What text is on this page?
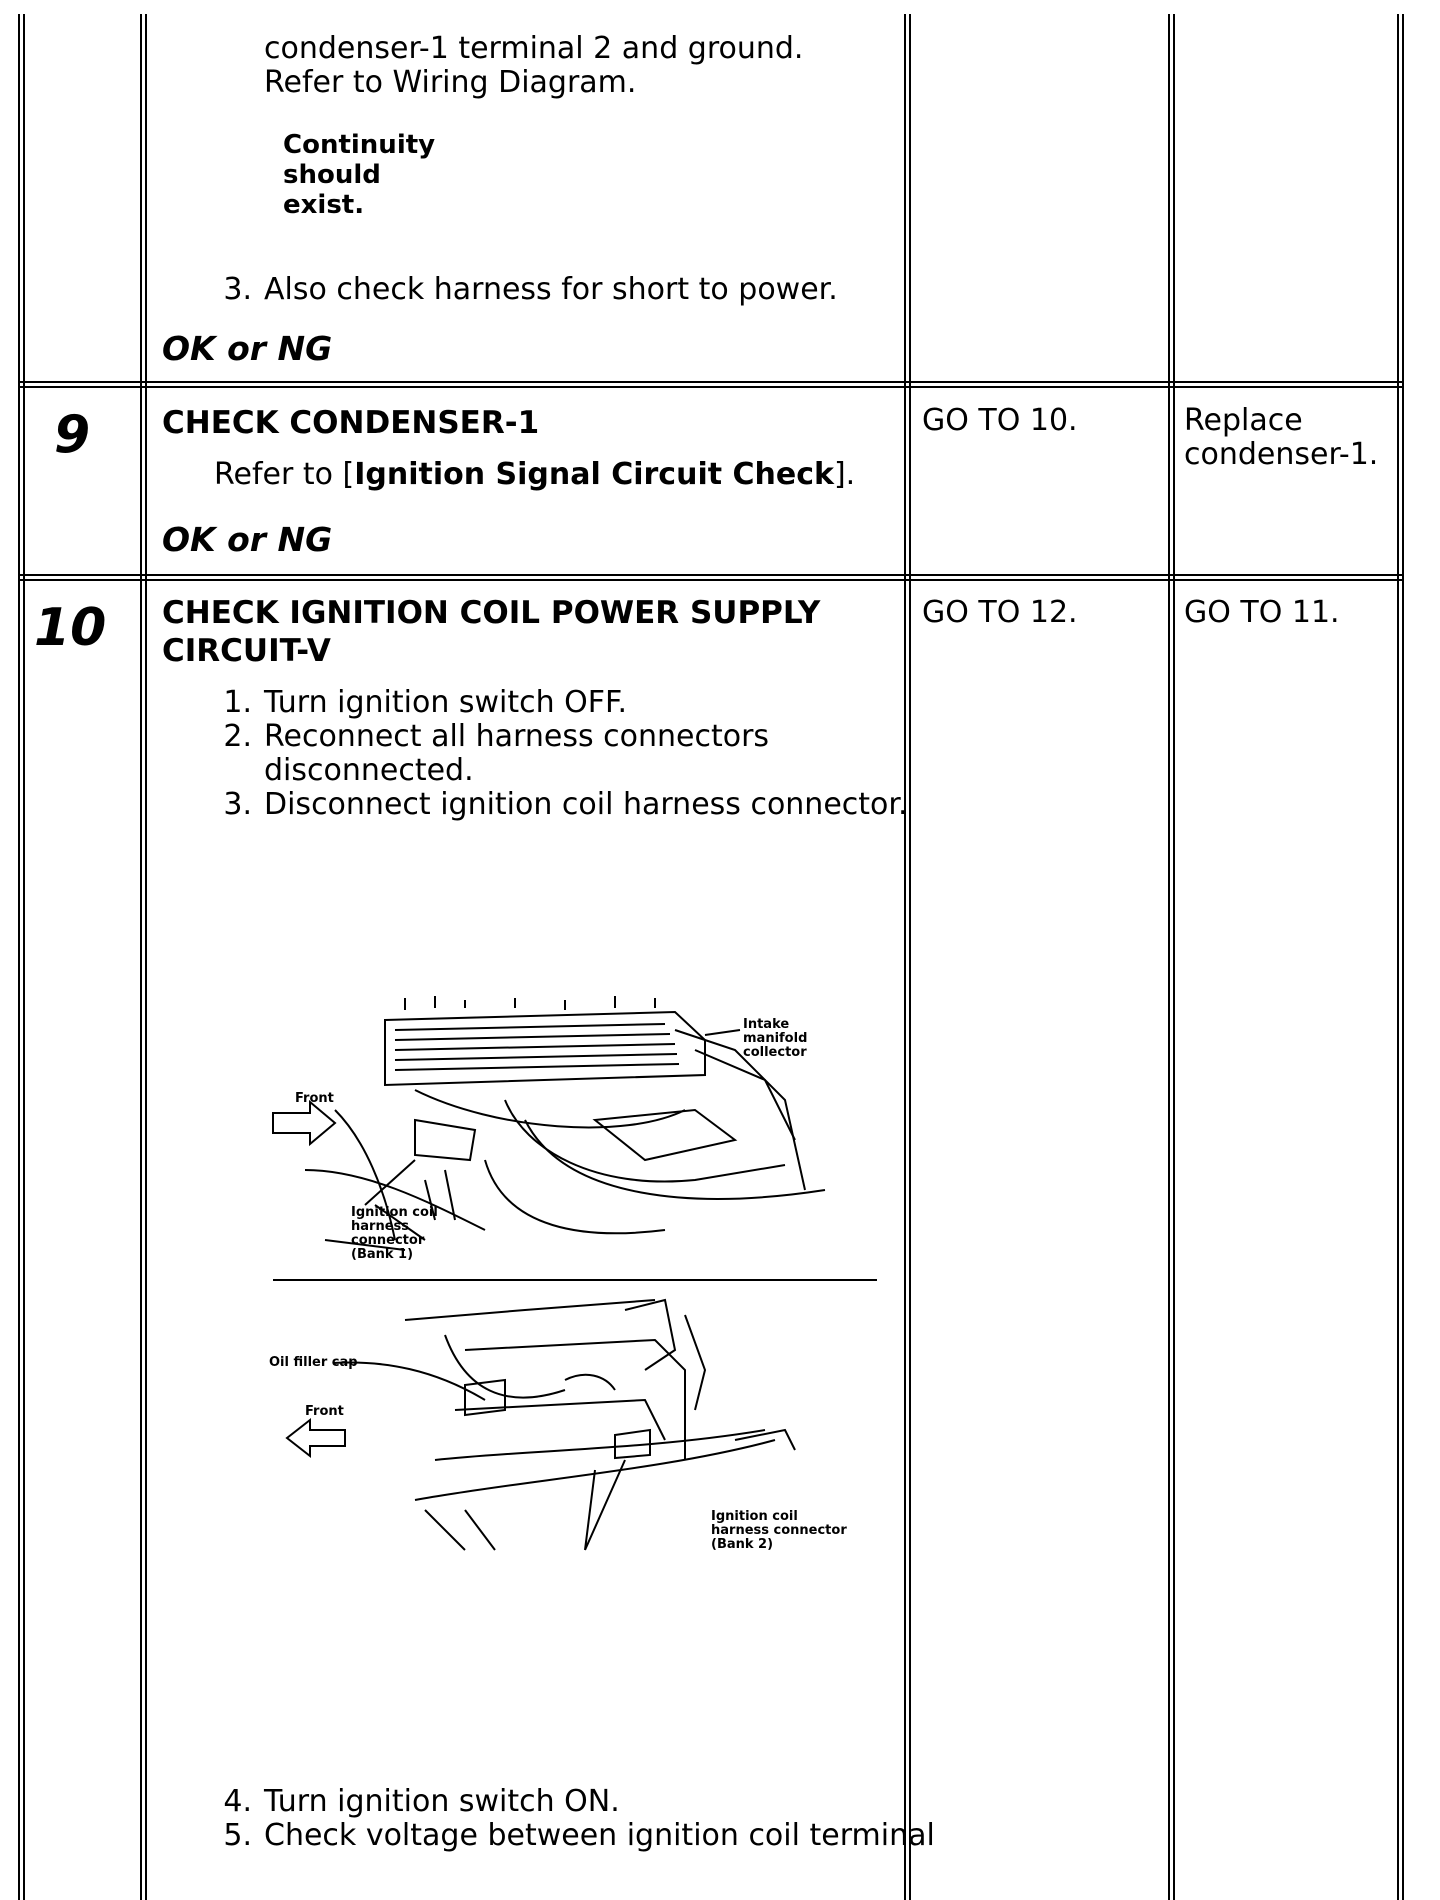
condenser-1 terminal 2 and ground.
Refer to Wiring Diagram.
Continuity
should
exist.
3. Also check harness for short to power.
OK or NG
9 CHECK CONDENSER-1
Refer to [Ignition Signal Circuit Check].
OK or NG
GO TO 10.	Replace
condenser-1.
10 CHECK IGNITION COIL POWER SUPPLY
CIRCUIT-V
1. Turn ignition switch OFF.
2. Reconnect all harness connectors
disconnected.
3. Disconnect ignition coil harness connector.
GO TO 12.	GO TO 11.
Intake
manifold
collector
Front
Ignition coil
harness
connector
(Bank 1)
Oil filler cap
Front
Ignition coil
harness connector
(Bank 2)
4. Turn ignition switch ON.
5. Check voltage between ignition coil terminal
